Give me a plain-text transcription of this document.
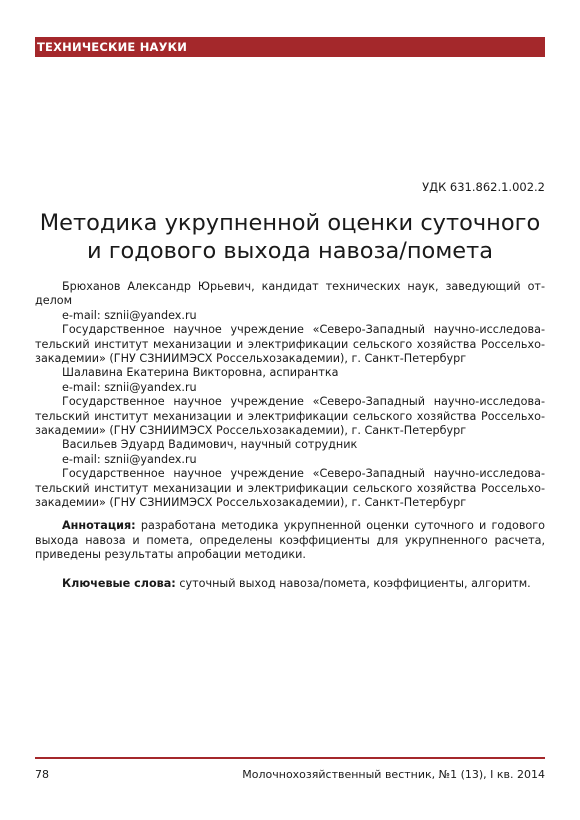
ТЕХНИЧЕСКИЕ НАУКИ
УДК 631.862.1.002.2
Методика укрупненной оценки суточного
и годового выхода навоза/помета

Брюханов Александр Юрьевич, кандидат технических наук, заведующий отделом

e-mail: sznii@yandex.ru

Государственное научное учреждение «Северо-Западный научно-исследовательский институт механизации и электрификации сельского хозяйства Россельхозакадемии» (ГНУ СЗНИИМЭСХ Россельхозакадемии), г. Санкт-Петербург

Шалавина Екатерина Викторовна, аспирантка

e-mail: sznii@yandex.ru

Государственное научное учреждение «Северо-Западный научно-исследовательский институт механизации и электрификации сельского хозяйства Россельхозакадемии» (ГНУ СЗНИИМЭСХ Россельхозакадемии), г. Санкт-Петербург

Васильев Эдуард Вадимович, научный сотрудник

e-mail: sznii@yandex.ru

Государственное научное учреждение «Северо-Западный научно-исследовательский институт механизации и электрификации сельского хозяйства Россельхозакадемии» (ГНУ СЗНИИМЭСХ Россельхозакадемии), г. Санкт-Петербург

Аннотация: разработана методика укрупненной оценки суточного и годового выхода навоза и помета, определены коэффициенты для укрупненного расчета, приведены результаты апробации методики.

Ключевые слова: суточный выход навоза/помета, коэффициенты, алгоритм.

78	Молочнохозяйственный вестник, №1 (13), I кв. 2014
